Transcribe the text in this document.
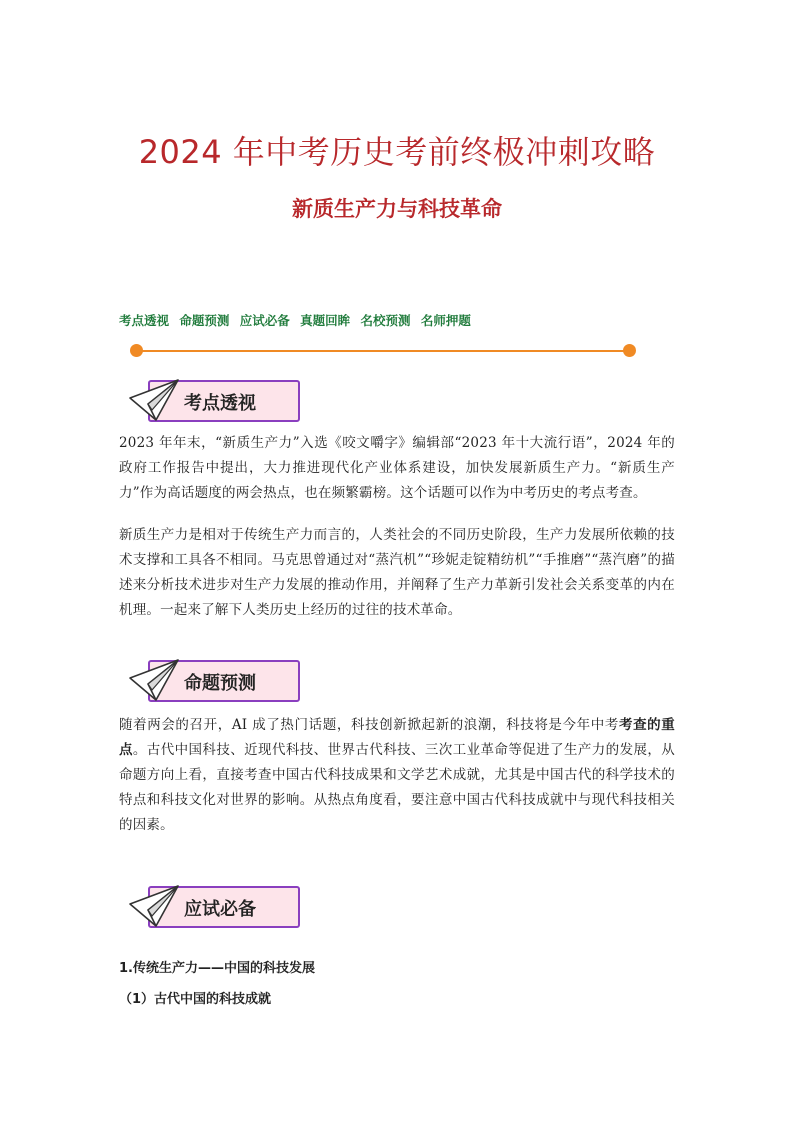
2024 年中考历史考前终极冲刺攻略
新质生产力与科技革命
考点透视 命题预测 应试必备 真题回眸 名校预测 名师押题
考点透视
2023 年年末，“新质生产力”入选《咬文嚼字》编辑部“2023 年十大流行语”，2024 年的政府工作报告中提出，大力推进现代化产业体系建设，加快发展新质生产力。“新质生产力”作为高话题度的两会热点，也在频繁霸榜。这个话题可以作为中考历史的考点考查。
新质生产力是相对于传统生产力而言的，人类社会的不同历史阶段，生产力发展所依赖的技术支撑和工具各不相同。马克思曾通过对“蒸汽机”“珍妮走锭精纺机”“手推磨”“蒸汽磨”的描述来分析技术进步对生产力发展的推动作用，并阐释了生产力革新引发社会关系变革的内在机理。一起来了解下人类历史上经历的过往的技术革命。
命题预测
随着两会的召开，AI 成了热门话题，科技创新掀起新的浪潮，科技将是今年中考考查的重点。古代中国科技、近现代科技、世界古代科技、三次工业革命等促进了生产力的发展，从命题方向上看，直接考查中国古代科技成果和文学艺术成就，尤其是中国古代的科学技术的特点和科技文化对世界的影响。从热点角度看，要注意中国古代科技成就中与现代科技相关的因素。
应试必备
1.传统生产力——中国的科技发展
（1）古代中国的科技成就
